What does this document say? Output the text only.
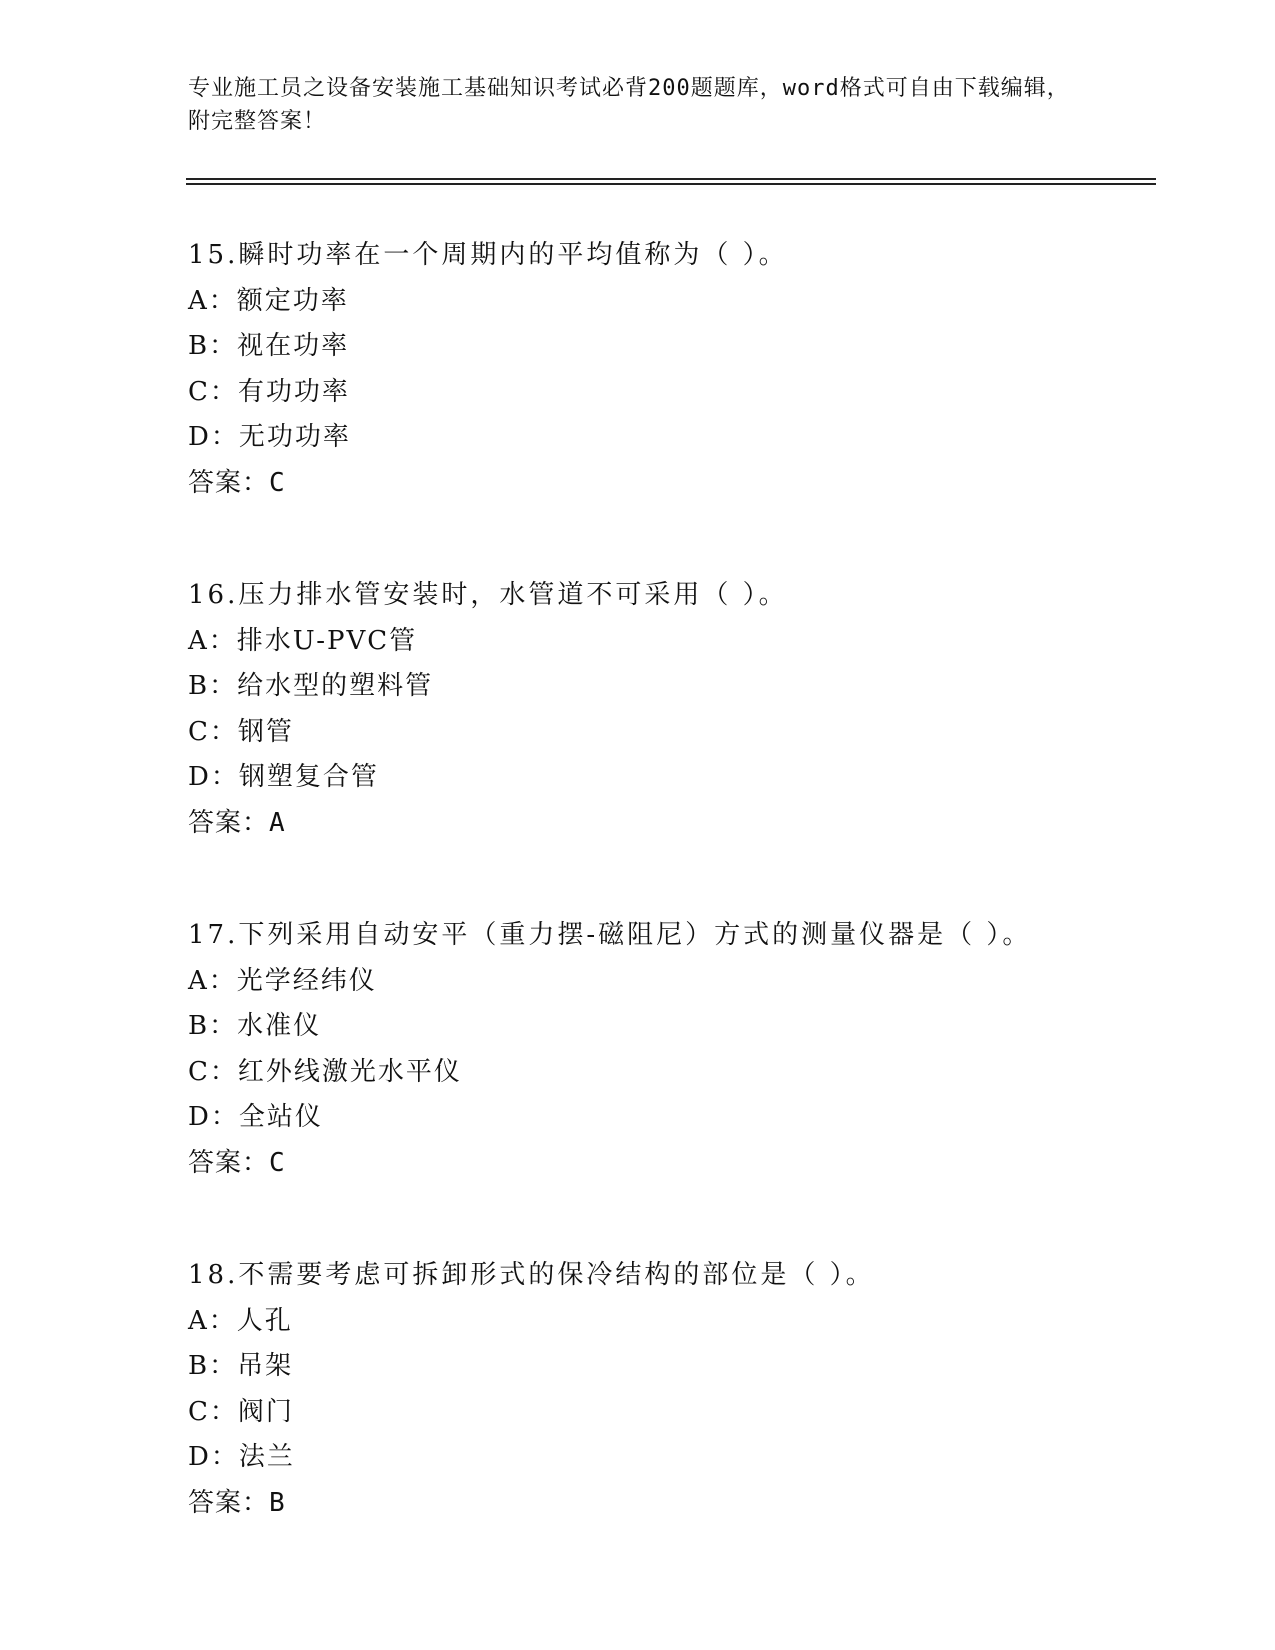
专业施工员之设备安装施工基础知识考试必背200题题库，word格式可自由下载编辑，附完整答案！
15.瞬时功率在一个周期内的平均值称为（ ）。
A：额定功率
B：视在功率
C：有功功率
D：无功功率
答案：C
16.压力排水管安装时，水管道不可采用（ ）。
A：排水U-PVC管
B：给水型的塑料管
C：钢管
D：钢塑复合管
答案：A
17.下列采用自动安平（重力摆-磁阻尼）方式的测量仪器是（ ）。
A：光学经纬仪
B：水准仪
C：红外线激光水平仪
D：全站仪
答案：C
18.不需要考虑可拆卸形式的保冷结构的部位是（ ）。
A：人孔
B：吊架
C：阀门
D：法兰
答案：B
